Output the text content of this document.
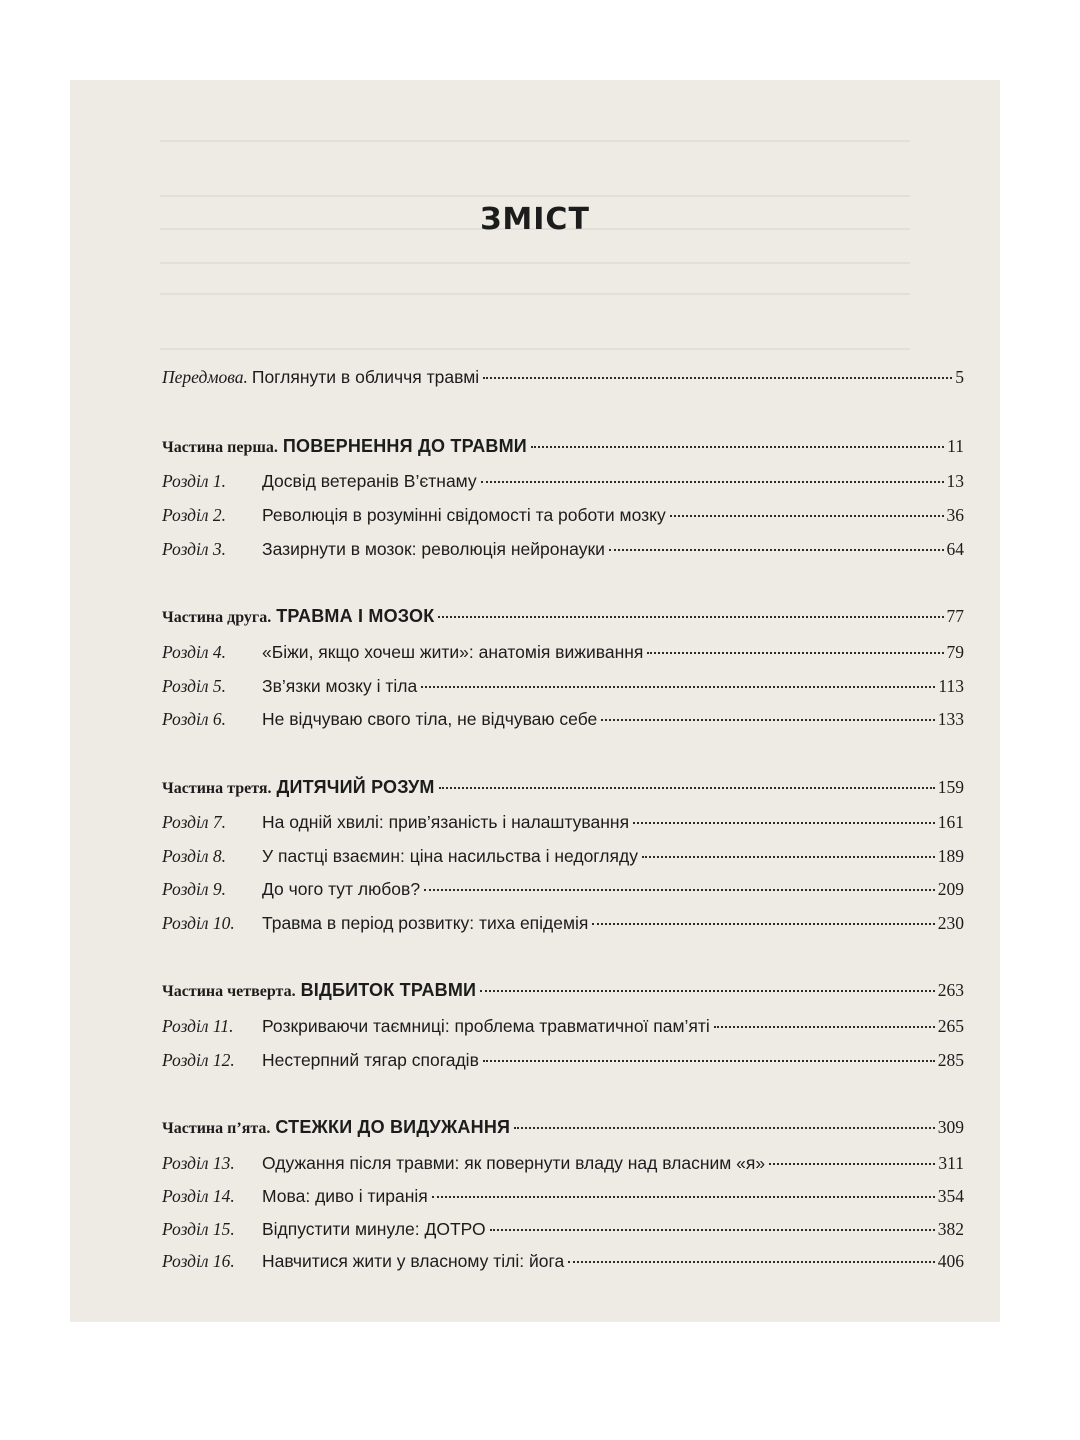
ЗМІСТ
Передмова. Поглянути в обличчя травмі	5
Частина перша. ПОВЕРНЕННЯ ДО ТРАВМИ	11
Розділ 1.	Досвід ветеранів В’єтнаму	13
Розділ 2.	Революція в розумінні свідомості та роботи мозку	36
Розділ 3.	Зазирнути в мозок: революція нейронауки	64
Частина друга. ТРАВМА І МОЗОК	77
Розділ 4.	«Біжи, якщо хочеш жити»: анатомія виживання	79
Розділ 5.	Зв’язки мозку і тіла	113
Розділ 6.	Не відчуваю свого тіла, не відчуваю себе	133
Частина третя. ДИТЯЧИЙ РОЗУМ	159
Розділ 7.	На одній хвилі: прив’язаність і налаштування	161
Розділ 8.	У пастці взаємин: ціна насильства і недогляду	189
Розділ 9.	До чого тут любов?	209
Розділ 10.	Травма в період розвитку: тиха епідемія	230
Частина четверта. ВІДБИТОК ТРАВМИ	263
Розділ 11.	Розкриваючи таємниці: проблема травматичної пам’яті	265
Розділ 12.	Нестерпний тягар спогадів	285
Частина п’ята. СТЕЖКИ ДО ВИДУЖАННЯ	309
Розділ 13.	Одужання після травми: як повернути владу над власним «я»	311
Розділ 14.	Мова: диво і тиранія	354
Розділ 15.	Відпустити минуле: ДОТРО	382
Розділ 16.	Навчитися жити у власному тілі: йога	406
